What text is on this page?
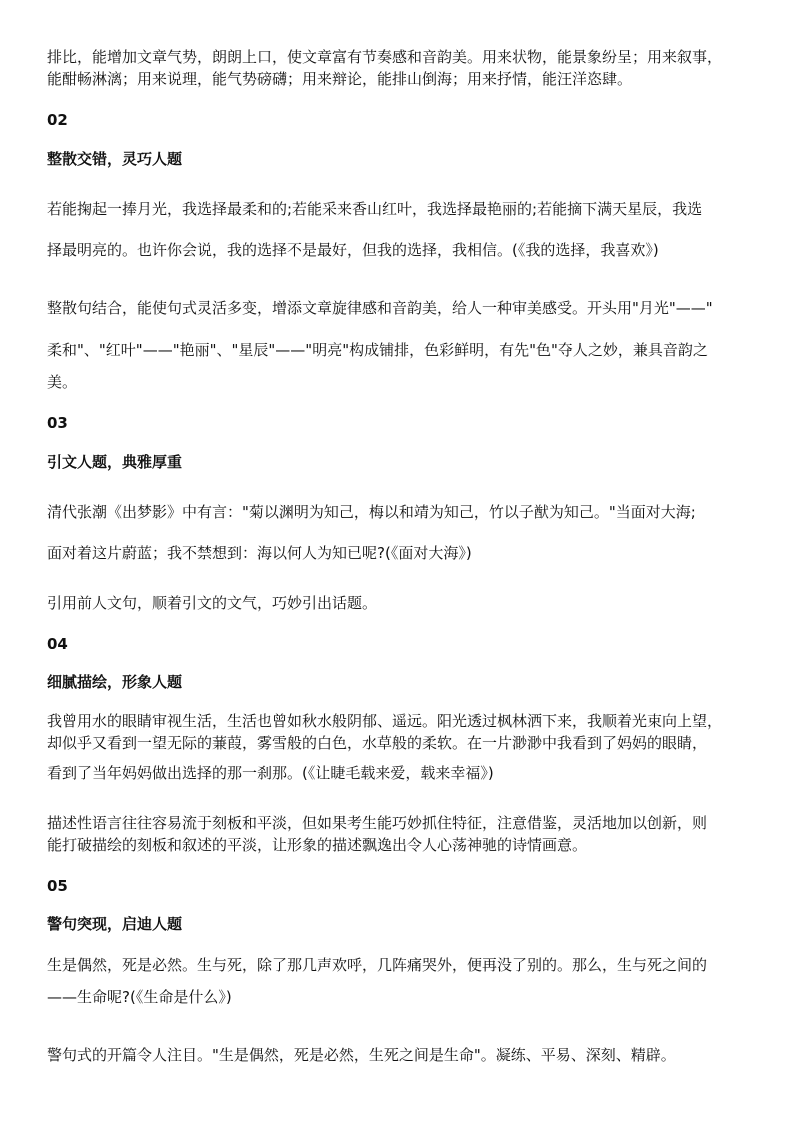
排比，能增加文章气势，朗朗上口，使文章富有节奏感和音韵美。用来状物，能景象纷呈；用来叙事，
能酣畅淋漓；用来说理，能气势磅礴；用来辩论，能排山倒海；用来抒情，能汪洋恣肆。
02
整散交错，灵巧人题
若能掬起一捧月光，我选择最柔和的;若能采来香山红叶，我选择最艳丽的;若能摘下满天星辰，我选
择最明亮的。也许你会说，我的选择不是最好，但我的选择，我相信。(《我的选择，我喜欢》)
整散句结合，能使句式灵活多变，增添文章旋律感和音韵美，给人一种审美感受。开头用"月光"——"
柔和"、"红叶"——"艳丽"、"星辰"——"明亮"构成铺排，色彩鲜明，有先"色"夺人之妙，兼具音韵之
美。
03
引文人题，典雅厚重
清代张潮《出梦影》中有言："菊以渊明为知己，梅以和靖为知己，竹以子猷为知己。"当面对大海;
面对着这片蔚蓝；我不禁想到：海以何人为知已呢?(《面对大海》)
引用前人文句，顺着引文的文气，巧妙引出话题。
04
细腻描绘，形象人题
我曾用水的眼睛审视生活，生活也曾如秋水般阴郁、遥远。阳光透过枫林洒下来，我顺着光束向上望，
却似乎又看到一望无际的蒹葭，雾雪般的白色，水草般的柔软。在一片渺渺中我看到了妈妈的眼睛，
看到了当年妈妈做出选择的那一刹那。(《让睫毛载来爱，载来幸福》)
描述性语言往往容易流于刻板和平淡，但如果考生能巧妙抓住特征，注意借鉴，灵活地加以创新，则
能打破描绘的刻板和叙述的平淡，让形象的描述飘逸出令人心荡神驰的诗情画意。
05
警句突现，启迪人题
生是偶然，死是必然。生与死，除了那几声欢呼，几阵痛哭外，便再没了别的。那么，生与死之间的
——生命呢?(《生命是什么》)
警句式的开篇令人注目。"生是偶然，死是必然，生死之间是生命"。凝练、平易、深刻、精辟。
